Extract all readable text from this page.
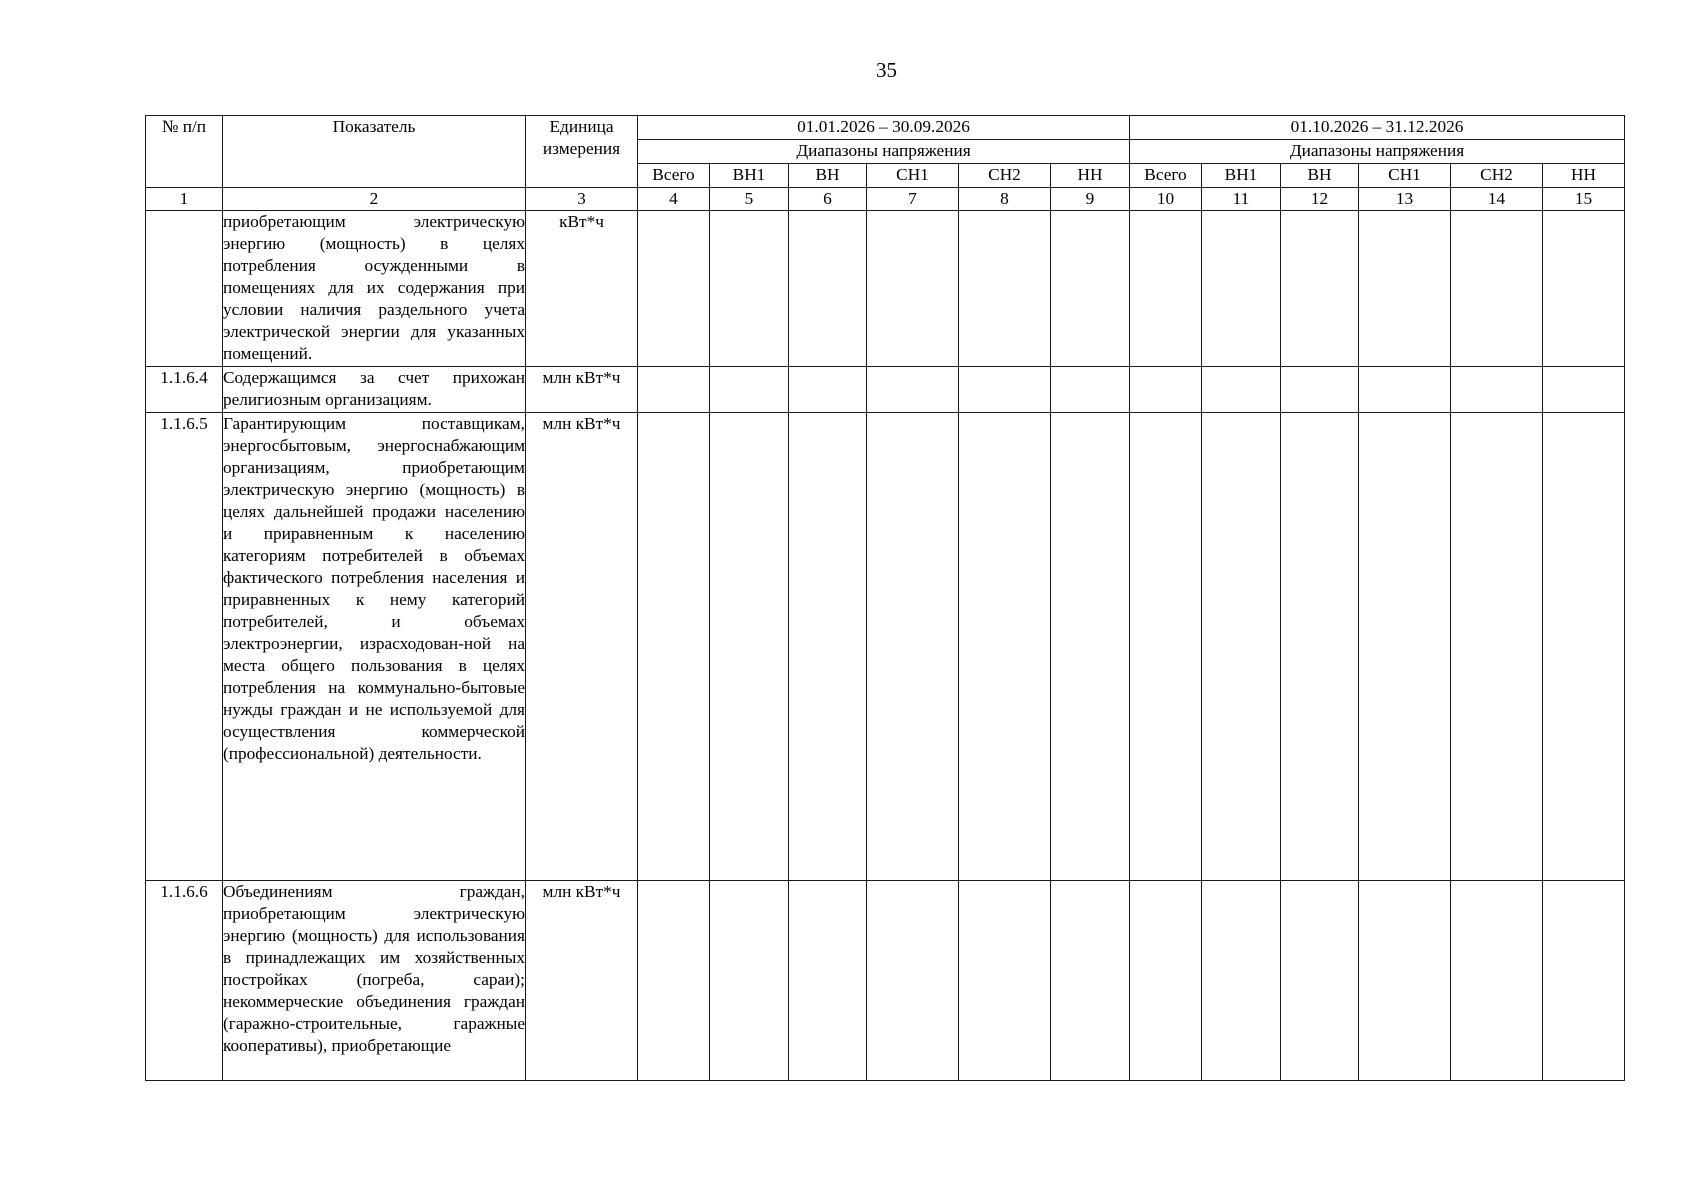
35
№ п/п	Показатель	Единица измерения	01.01.2026 – 30.09.2026						01.10.2026 – 31.12.2026					
			Диапазоны напряжения						Диапазоны напряжения					
			Всего	ВН1	ВН	СН1	СН2	НН	Всего	ВН1	ВН	СН1	СН2	НН
1	2	3	4	5	6	7	8	9	10	11	12	13	14	15
	приобретающим электрическую энергию (мощность) в целях потребления осужденными в помещениях для их содержания при условии наличия раздельного учета электрической энергии для указанных помещений.	кВт*ч												
1.1.6.4	Содержащимся за счет прихожан религиозным организациям.	млн кВт*ч												
1.1.6.5	Гарантирующим поставщикам, энергосбытовым, энергоснабжающим организациям, приобретающим электрическую энергию (мощность) в целях дальнейшей продажи населению и приравненным к населению категориям потребителей в объемах фактического потребления населения и приравненных к нему категорий потребителей, и объемах электроэнергии, израсходован-ной на места общего пользования в целях потребления на коммунально-бытовые нужды граждан и не используемой для осуществления коммерческой (профессиональной) деятельности.	млн кВт*ч												
1.1.6.6	Объединениям граждан, приобретающим электрическую энергию (мощность) для использования в принадлежащих им хозяйственных постройках (погреба, сараи); некоммерческие объединения граждан (гаражно-строительные, гаражные кооперативы), приобретающие	млн кВт*ч												
